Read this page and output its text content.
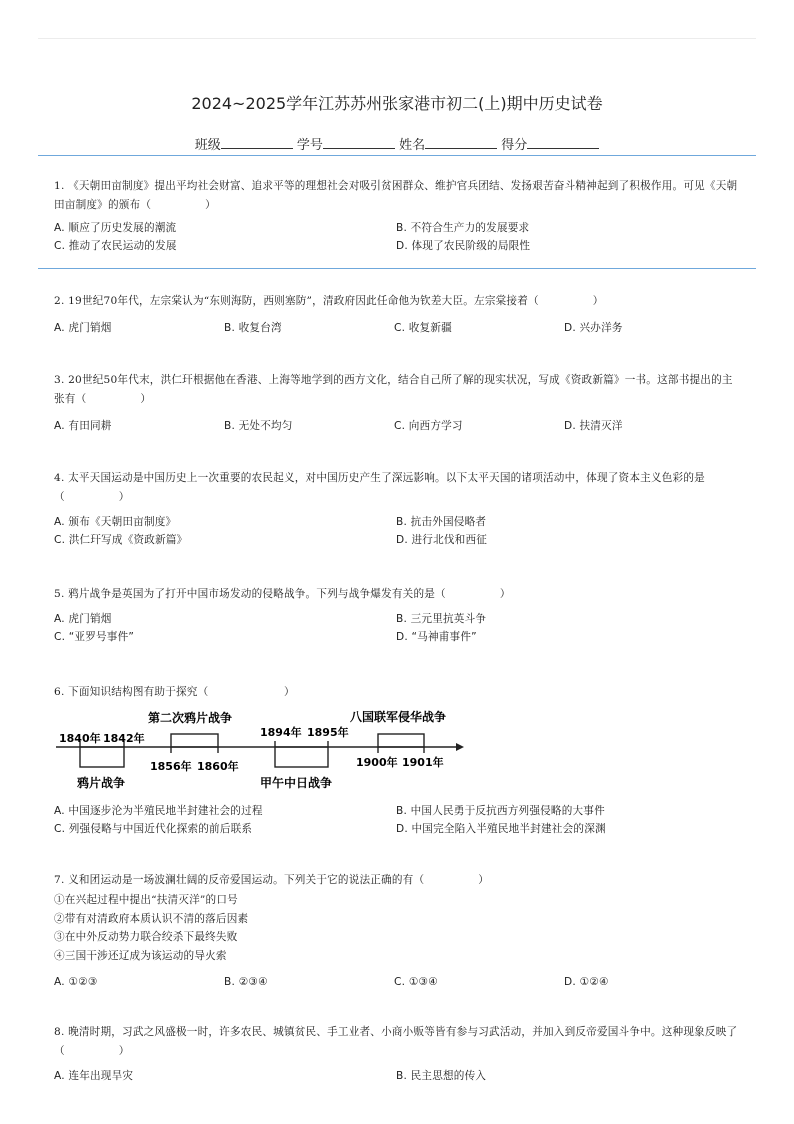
2024~2025学年江苏苏州张家港市初二(上)期中历史试卷
班级	学号	姓名	得分

1. 《天朝田亩制度》提出平均社会财富、追求平等的理想社会对吸引贫困群众、维护官兵团结、发扬艰苦奋斗精神起到了积极作用。可见《天朝田亩制度》的颁布（　　　　　）

A. 顺应了历史发展的潮流	B. 不符合生产力的发展要求
C. 推动了农民运动的发展	D. 体现了农民阶级的局限性

2. 19世纪70年代，左宗棠认为“东则海防，西则塞防”，清政府因此任命他为钦差大臣。左宗棠接着（　　　　　）

A. 虎门销烟	B. 收复台湾	C. 收复新疆	D. 兴办洋务

3. 20世纪50年代末，洪仁玕根据他在香港、上海等地学到的西方文化，结合自己所了解的现实状况，写成《资政新篇》一书。这部书提出的主张有（　　　　　）

A. 有田同耕	B. 无处不均匀	C. 向西方学习	D. 扶清灭洋

4. 太平天国运动是中国历史上一次重要的农民起义，对中国历史产生了深远影响。以下太平天国的诸项活动中，体现了资本主义色彩的是（　　　　　）

A. 颁布《天朝田亩制度》	B. 抗击外国侵略者
C. 洪仁玕写成《资政新篇》	D. 进行北伐和西征

5. 鸦片战争是英国为了打开中国市场发动的侵略战争。下列与战争爆发有关的是（　　　　　）

A. 虎门销烟	B. 三元里抗英斗争
C. “亚罗号事件”	D. “马神甫事件”

6. 下面知识结构图有助于探究（　　　　　　　）

1840年 1842年
鸦片战争
第二次鸦片战争
1856年 1860年
1894年 1895年
甲午中日战争
八国联军侵华战争
1900年 1901年
A. 中国逐步沦为半殖民地半封建社会的过程	B. 中国人民勇于反抗西方列强侵略的大事件
C. 列强侵略与中国近代化探索的前后联系	D. 中国完全陷入半殖民地半封建社会的深渊

7. 义和团运动是一场波澜壮阔的反帝爱国运动。下列关于它的说法正确的有（　　　　　）

①在兴起过程中提出“扶清灭洋”的口号
②带有对清政府本质认识不清的落后因素
③在中外反动势力联合绞杀下最终失败
④三国干涉还辽成为该运动的导火索
A. ①②③	B. ②③④	C. ①③④	D. ①②④

8. 晚清时期，习武之风盛极一时，许多农民、城镇贫民、手工业者、小商小贩等皆有参与习武活动，并加入到反帝爱国斗争中。这种现象反映了（　　　　　）

A. 连年出现旱灾	B. 民主思想的传入
